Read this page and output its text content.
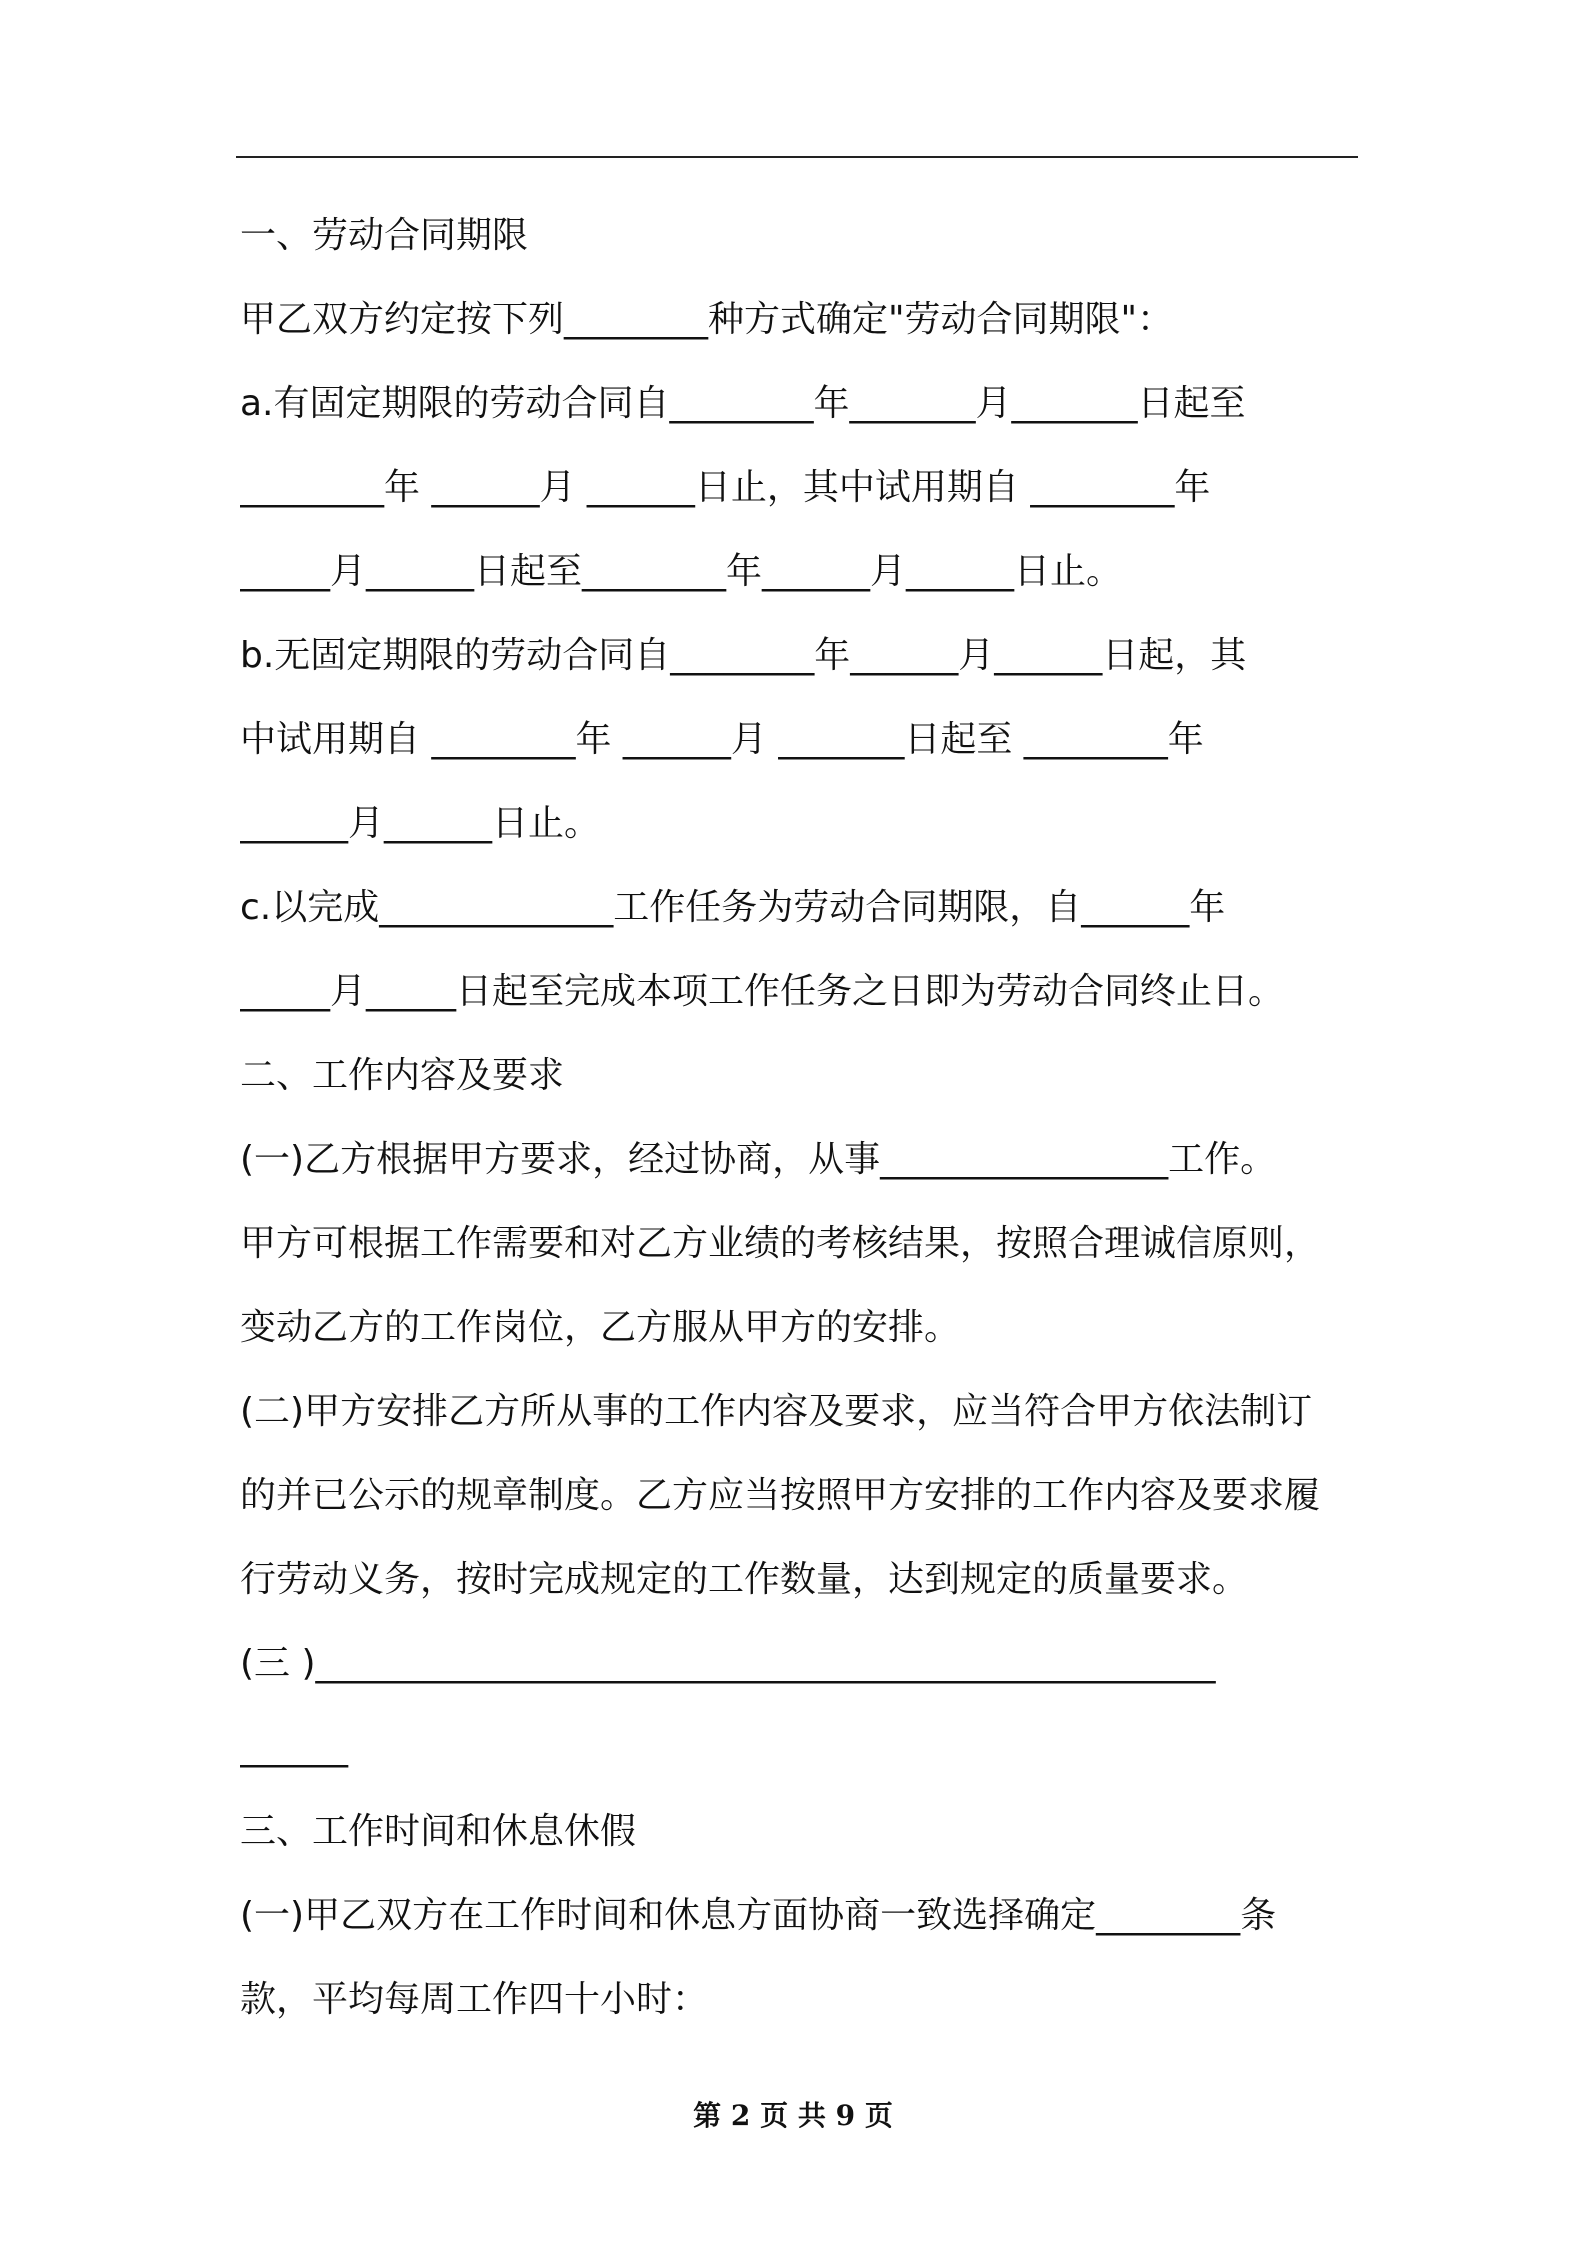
一、劳动合同期限
甲乙双方约定按下列________种方式确定"劳动合同期限"：
a.有固定期限的劳动合同自________年_______月_______日起至
________年 ______月 ______日止，其中试用期自 ________年
_____月______日起至________年______月______日止。
b.无固定期限的劳动合同自________年______月______日起，其
中试用期自 ________年 ______月 _______日起至 ________年
______月______日止。
c.以完成_____________工作任务为劳动合同期限，自______年
_____月_____日起至完成本项工作任务之日即为劳动合同终止日。
二、工作内容及要求
(一)乙方根据甲方要求，经过协商，从事________________工作。
甲方可根据工作需要和对乙方业绩的考核结果，按照合理诚信原则，
变动乙方的工作岗位，乙方服从甲方的安排。
(二)甲方安排乙方所从事的工作内容及要求，应当符合甲方依法制订
的并已公示的规章制度。乙方应当按照甲方安排的工作内容及要求履
行劳动义务，按时完成规定的工作数量，达到规定的质量要求。
(三 )__________________________________________________
______
三、工作时间和休息休假
(一)甲乙双方在工作时间和休息方面协商一致选择确定________条
款，平均每周工作四十小时：
第 2 页 共 9 页
